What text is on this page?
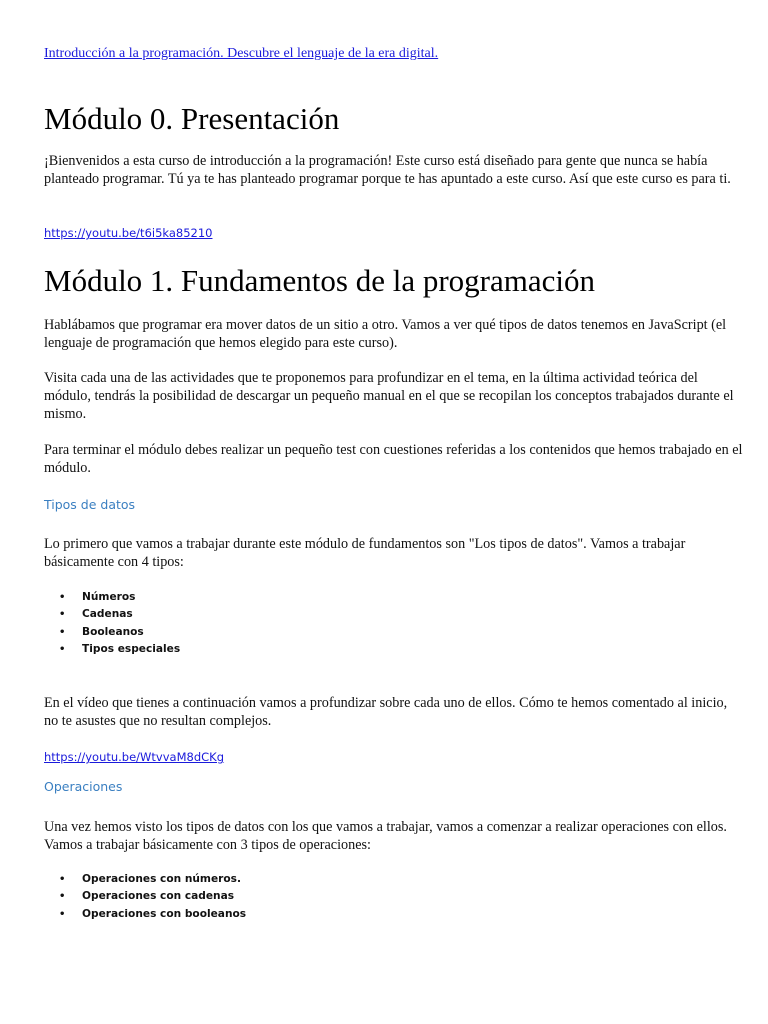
Introducción a la programación. Descubre el lenguaje de la era digital.
Módulo 0. Presentación

¡Bienvenidos a esta curso de introducción a la programación! Este curso está diseñado para gente que nunca se había planteado programar. Tú ya te has planteado programar porque te has apuntado a este curso. Así que este curso es para ti.

https://youtu.be/t6i5ka85210
Módulo 1. Fundamentos de la programación

Hablábamos que programar era mover datos de un sitio a otro. Vamos a ver qué tipos de datos tenemos en JavaScript (el lenguaje de programación que hemos elegido para este curso).

Visita cada una de las actividades que te proponemos para profundizar en el tema, en la última actividad teórica del módulo, tendrás la posibilidad de descargar un pequeño manual en el que se recopilan los conceptos trabajados durante el mismo.

Para terminar el módulo debes realizar un pequeño test con cuestiones referidas a los contenidos que hemos trabajado en el módulo.

Tipos de datos

Lo primero que vamos a trabajar durante este módulo de fundamentos son "Los tipos de datos". Vamos a trabajar básicamente con 4 tipos:

• Números
• Cadenas
• Booleanos
• Tipos especiales

En el vídeo que tienes a continuación vamos a profundizar sobre cada uno de ellos. Cómo te hemos comentado al inicio, no te asustes que no resultan complejos.

https://youtu.be/WtvvaM8dCKg
Operaciones

Una vez hemos visto los tipos de datos con los que vamos a trabajar, vamos a comenzar a realizar operaciones con ellos. Vamos a trabajar básicamente con 3 tipos de operaciones:

• Operaciones con números.
• Operaciones con cadenas
• Operaciones con booleanos
